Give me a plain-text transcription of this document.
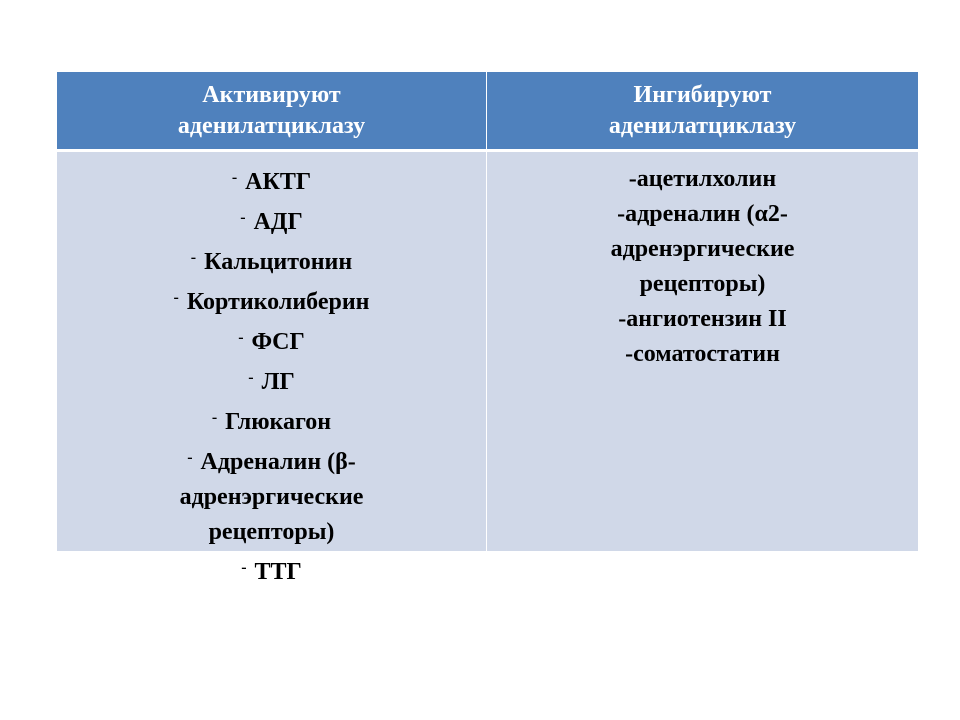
Активируют
аденилатциклазу
Ингибируют
аденилатциклазу
- АКТГ
- АДГ
- Кальцитонин
- Кортиколиберин
- ФСГ
- ЛГ
- Глюкагон
- Адреналин (β-
адренэргические
рецепторы)
- ТТГ
-ацетилхолин
-адреналин (α2-
адренэргические
рецепторы)
-ангиотензин II
-соматостатин
